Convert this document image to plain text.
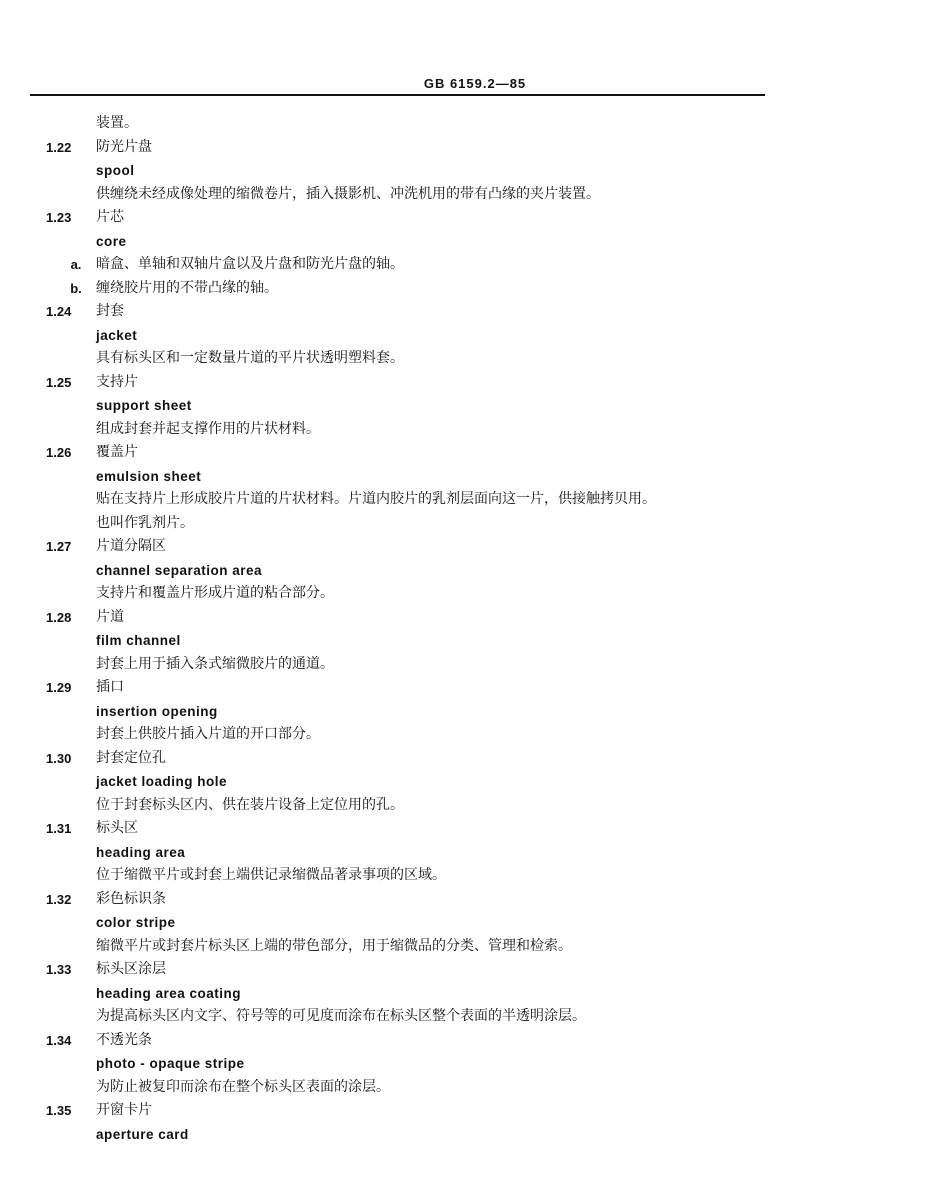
GB 6159.2—85
装置。
1.22	防光片盘
spool
供缠绕未经成像处理的缩微卷片，插入摄影机、冲洗机用的带有凸缘的夹片装置。
1.23	片芯
core
a.	暗盒、单轴和双轴片盒以及片盘和防光片盘的轴。
b.	缠绕胶片用的不带凸缘的轴。
1.24	封套
jacket
具有标头区和一定数量片道的平片状透明塑料套。
1.25	支持片
support sheet
组成封套并起支撑作用的片状材料。
1.26	覆盖片
emulsion sheet
贴在支持片上形成胶片片道的片状材料。片道内胶片的乳剂层面向这一片，供接触拷贝用。
也叫作乳剂片。
1.27	片道分隔区
channel separation area
支持片和覆盖片形成片道的粘合部分。
1.28	片道
film channel
封套上用于插入条式缩微胶片的通道。
1.29	插口
insertion opening
封套上供胶片插入片道的开口部分。
1.30	封套定位孔
jacket loading hole
位于封套标头区内、供在装片设备上定位用的孔。
1.31	标头区
heading area
位于缩微平片或封套上端供记录缩微品著录事项的区域。
1.32	彩色标识条
color stripe
缩微平片或封套片标头区上端的带色部分，用于缩微品的分类、管理和检索。
1.33	标头区涂层
heading area coating
为提高标头区内文字、符号等的可见度而涂布在标头区整个表面的半透明涂层。
1.34	不透光条
photo - opaque stripe
为防止被复印而涂布在整个标头区表面的涂层。
1.35	开窗卡片
aperture card
